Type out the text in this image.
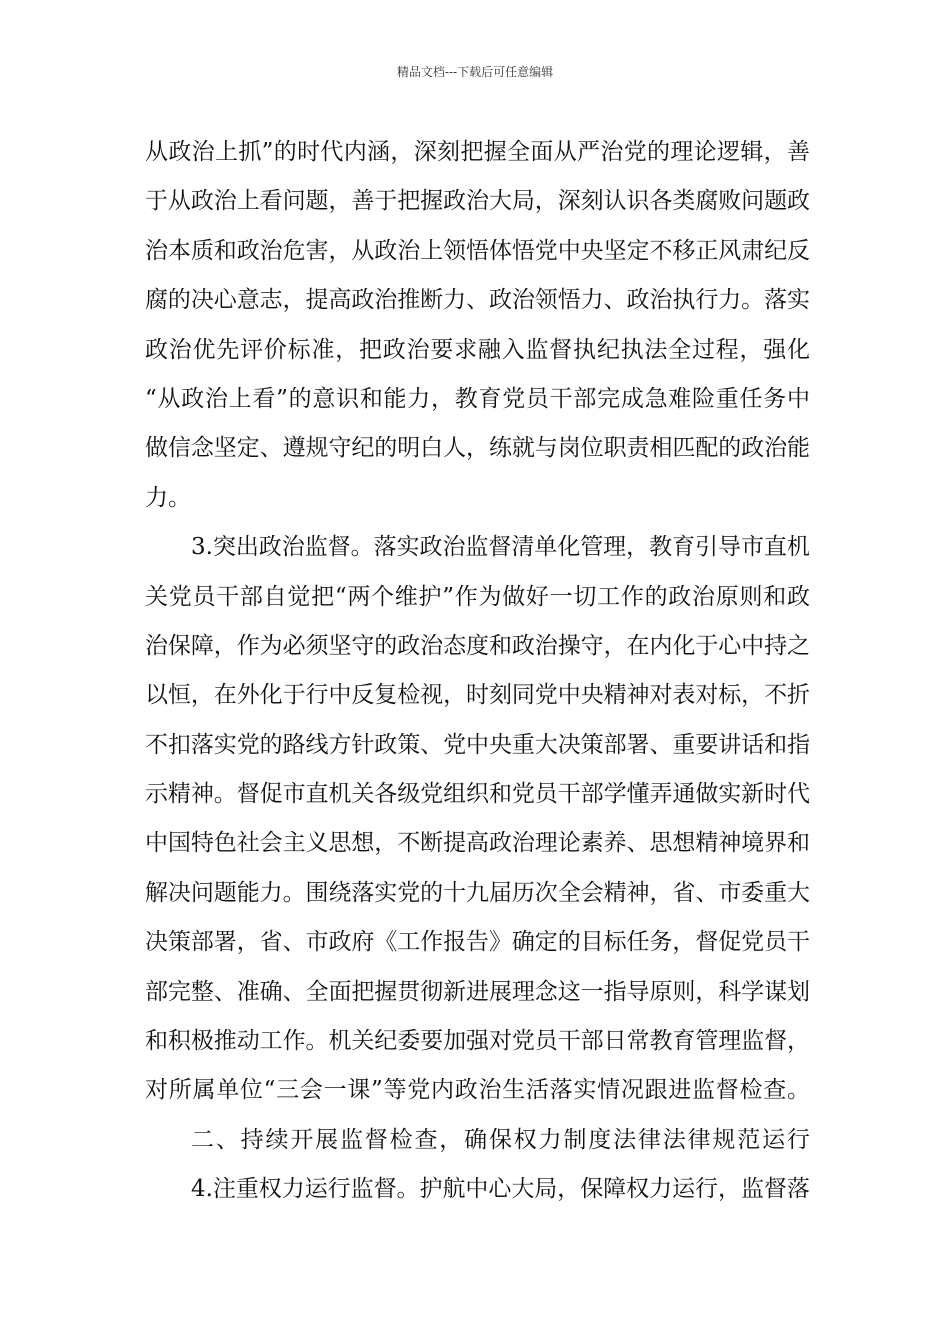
精品文档---下载后可任意编辑
从政治上抓”的时代内涵，深刻把握全面从严治党的理论逻辑，善
于从政治上看问题，善于把握政治大局，深刻认识各类腐败问题政
治本质和政治危害，从政治上领悟体悟党中央坚定不移正风肃纪反
腐的决心意志，提高政治推断力、政治领悟力、政治执行力。落实
政治优先评价标准，把政治要求融入监督执纪执法全过程，强化
“从政治上看”的意识和能力，教育党员干部完成急难险重任务中
做信念坚定、遵规守纪的明白人，练就与岗位职责相匹配的政治能
力。
3.突出政治监督。落实政治监督清单化管理，教育引导市直机
关党员干部自觉把“两个维护”作为做好一切工作的政治原则和政
治保障，作为必须坚守的政治态度和政治操守，在内化于心中持之
以恒，在外化于行中反复检视，时刻同党中央精神对表对标，不折
不扣落实党的路线方针政策、党中央重大决策部署、重要讲话和指
示精神。督促市直机关各级党组织和党员干部学懂弄通做实新时代
中国特色社会主义思想，不断提高政治理论素养、思想精神境界和
解决问题能力。围绕落实党的十九届历次全会精神，省、市委重大
决策部署，省、市政府《工作报告》确定的目标任务，督促党员干
部完整、准确、全面把握贯彻新进展理念这一指导原则，科学谋划
和积极推动工作。机关纪委要加强对党员干部日常教育管理监督，
对所属单位“三会一课”等党内政治生活落实情况跟进监督检查。
二、持续开展监督检查，确保权力制度法律法律规范运行
4.注重权力运行监督。护航中心大局，保障权力运行，监督落
